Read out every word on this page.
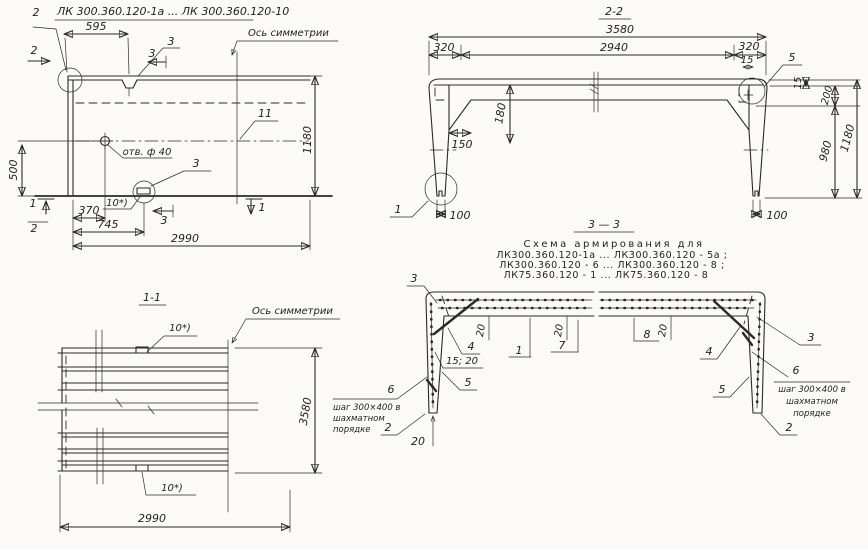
ЛК 300.360.120-1а ... ЛК 300.360.120-10
отв. ф 40
3
10*)
2
2	3
3
1
2
1
3
595
500
370
745
2990
1180
11
Ось симметрии
2-2
3580
320	2940	320
15	5
15
200
980 1180
100	100
150
180
1
3 — 3
Схема армирования для
ЛК300.360.120-1а ... ЛК300.360.120 - 5а ;
ЛК300.360.120 - 6 ... ЛК300.360.120 - 8 ;
ЛК75.360.120 - 1 ... ЛК75.360.120 - 8
3
4
15; 20
5
6
шаг 300×400 в
шахматном
порядке 2
20
20	20	20
1	7
8	3
4
5
6
шаг 300×400 в
шахматном
порядке
2
1-1
10*)
Ось симметрии
10*)
3580
2990
